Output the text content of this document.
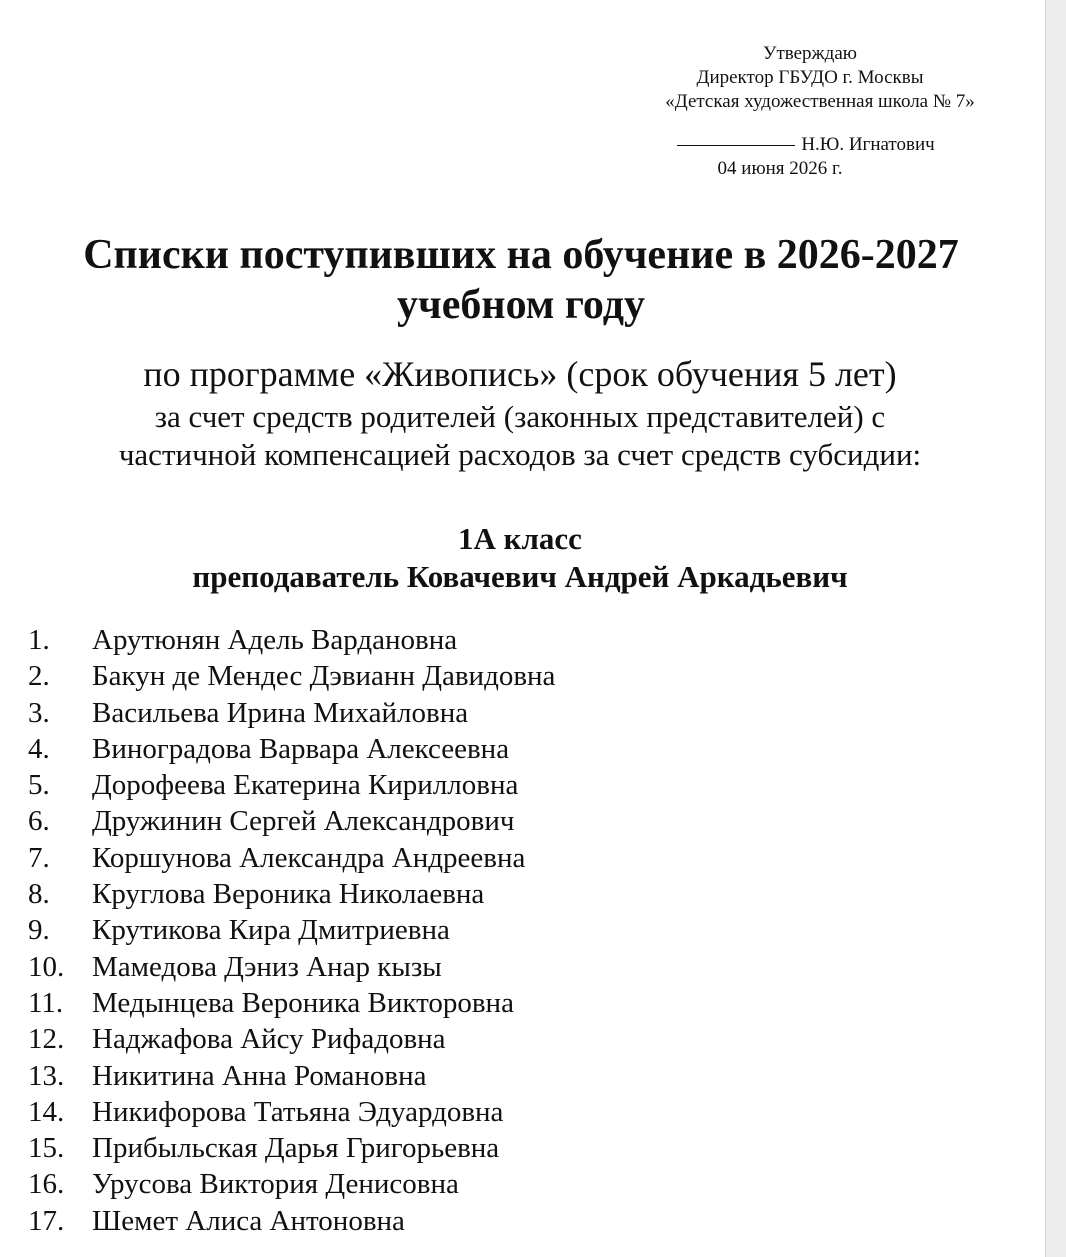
Утверждаю
Директор ГБУДО г. Москвы
«Детская художественная школа № 7»
Н.Ю. Игнатович
04 июня 2026 г.
Списки поступивших на обучение в 2026-2027
учебном году
по программе «Живопись» (срок обучения 5 лет)
за счет средств родителей (законных представителей) с
частичной компенсацией расходов за счет средств субсидии:
1А класс
преподаватель Ковачевич Андрей Аркадьевич
1. Арутюнян Адель Вардановна
2. Бакун де Мендес Дэвианн Давидовна
3. Васильева Ирина Михайловна
4. Виноградова Варвара Алексеевна
5. Дорофеева Екатерина Кирилловна
6. Дружинин Сергей Александрович
7. Коршунова Александра Андреевна
8. Круглова Вероника Николаевна
9. Крутикова Кира Дмитриевна
10. Мамедова Дэниз Анар кызы
11. Медынцева Вероника Викторовна
12. Наджафова Айсу Рифадовна
13. Никитина Анна Романовна
14. Никифорова Татьяна Эдуардовна
15. Прибыльская Дарья Григорьевна
16. Урусова Виктория Денисовна
17. Шемет Алиса Антоновна
